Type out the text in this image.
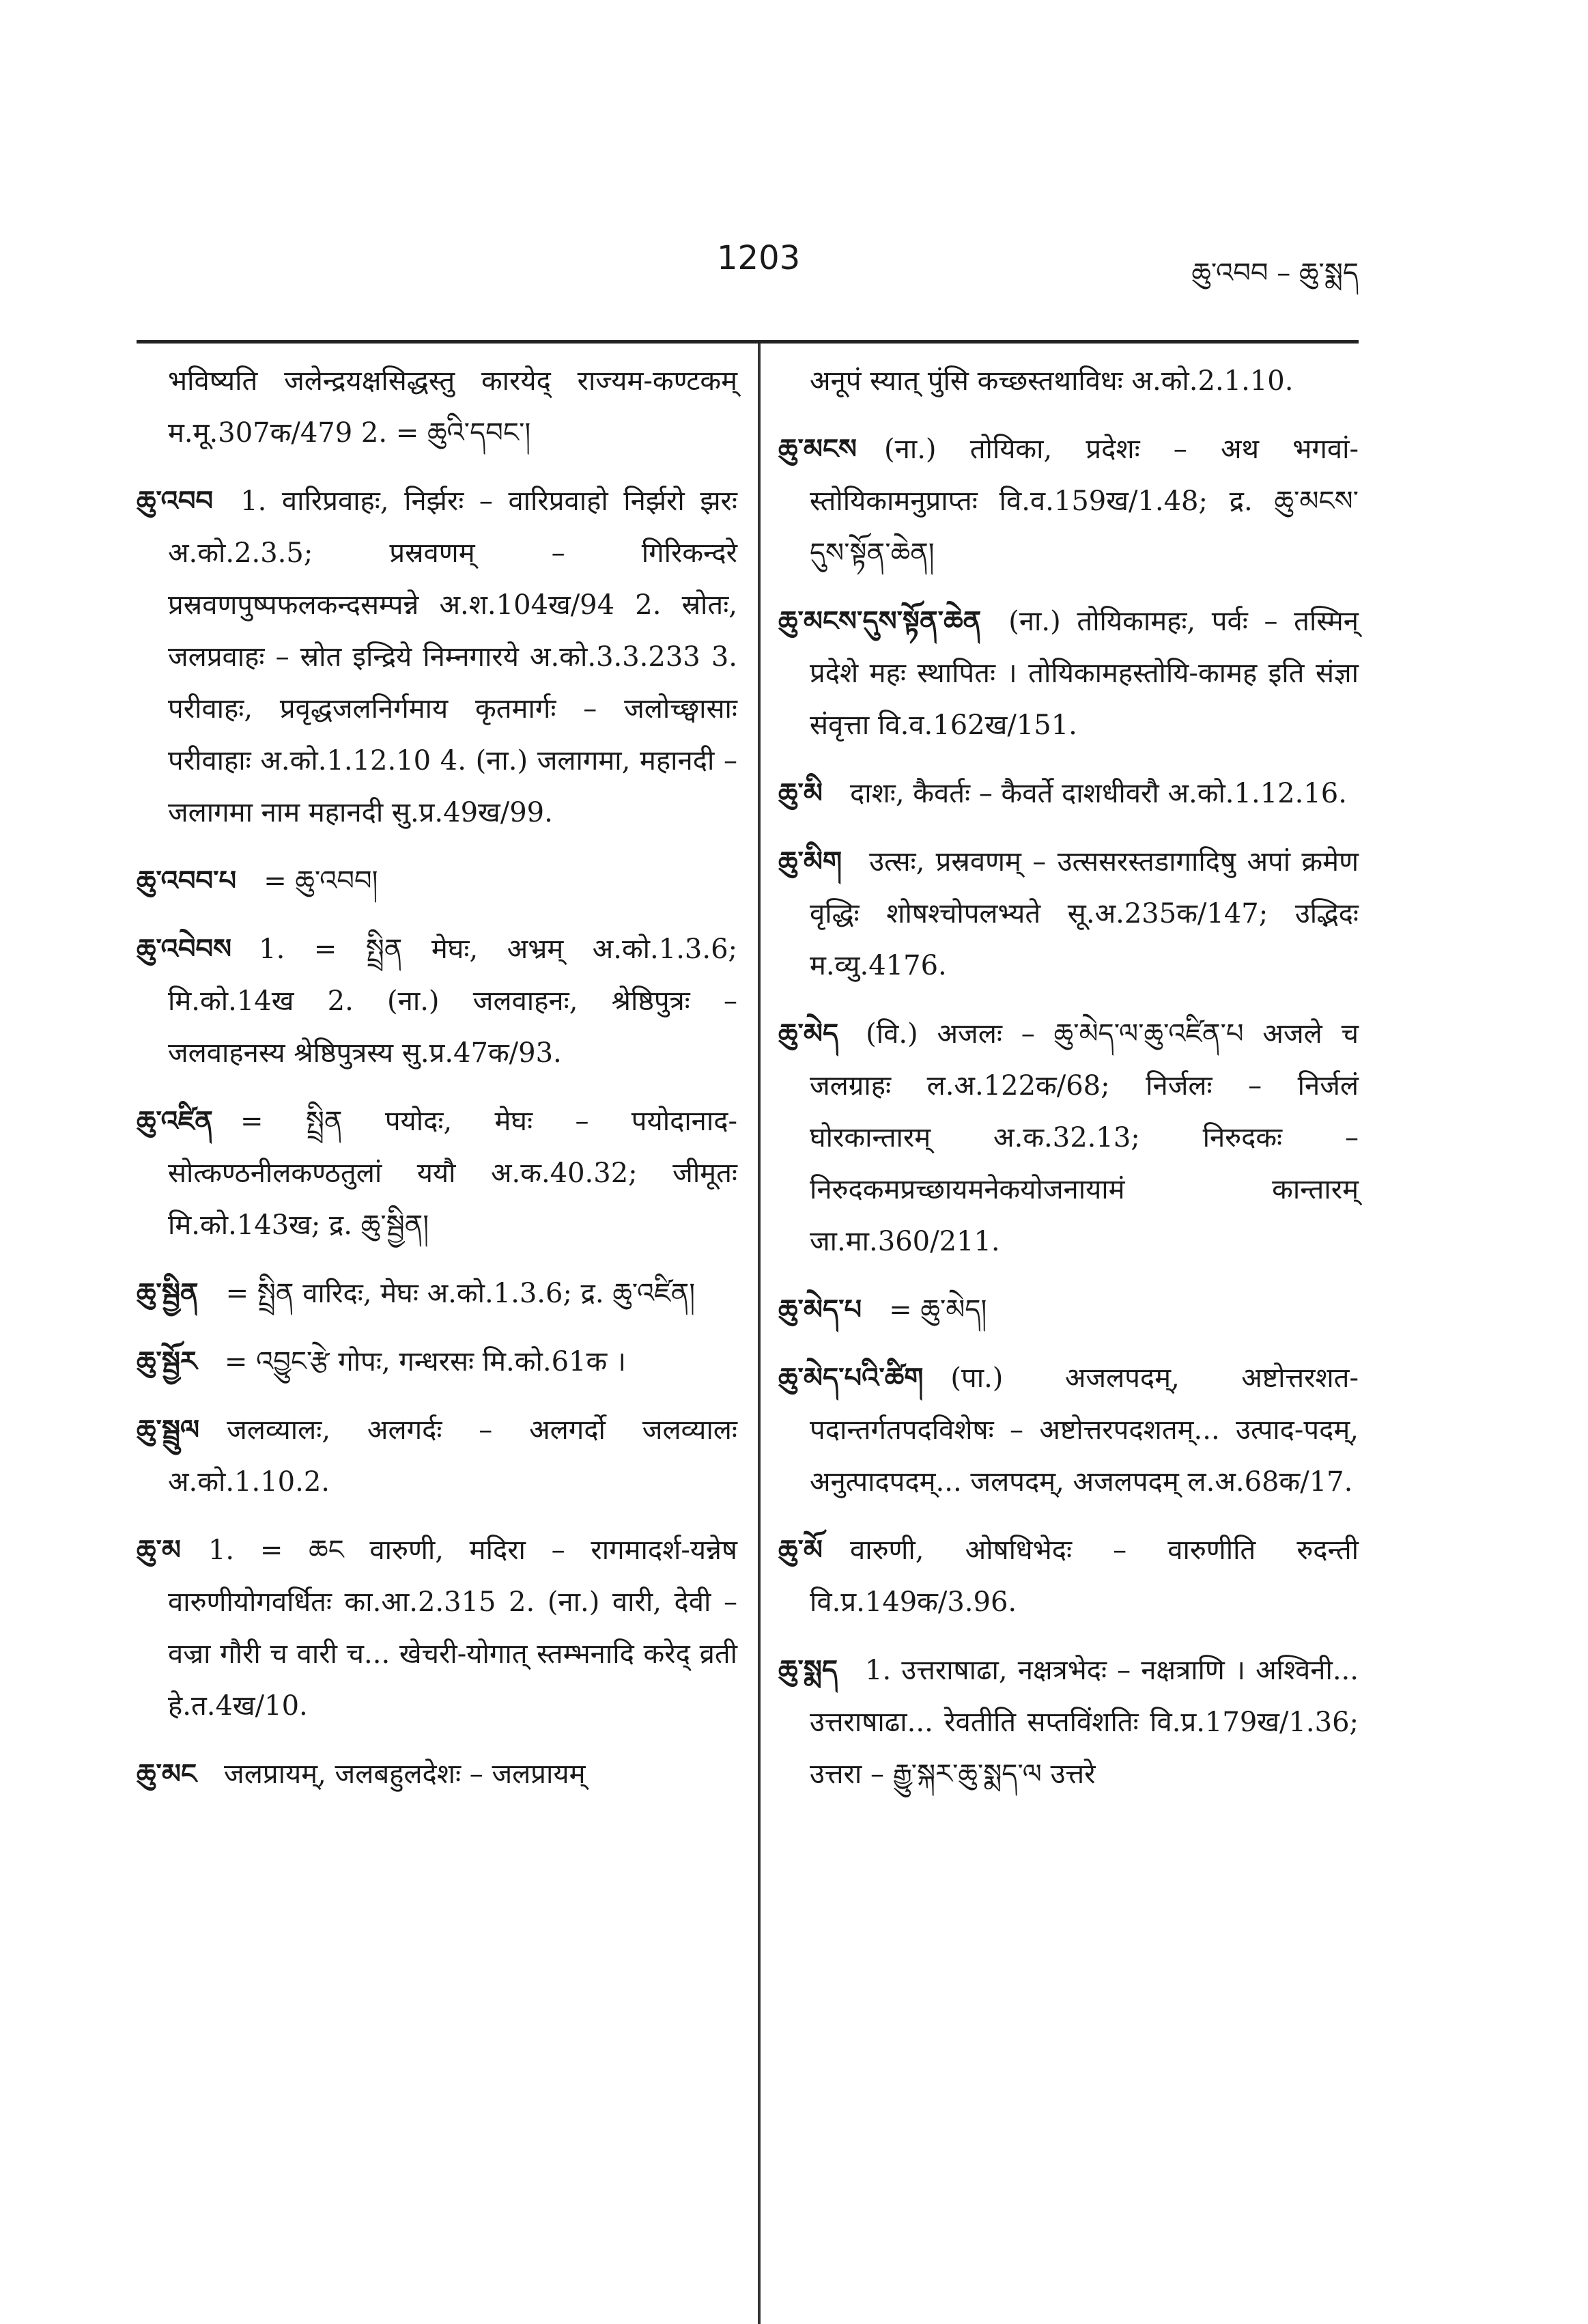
1203	ཆུ་འབབ – ཆུ་སྨད

भविष्यति जलेन्द्रयक्षसिद्धस्तु कारयेद् राज्यम-कण्टकम् म.मू.307क/479 2. = ཆུའི་དབང་།

ཆུ་འབབ 1. वारिप्रवाहः, निर्झरः – वारिप्रवाहो निर्झरो झरः अ.को.2.3.5; प्रस्रवणम् – गिरिकन्दरे प्रस्रवणपुष्पफलकन्दसम्पन्ने अ.श.104ख/94 2. स्रोतः, जलप्रवाहः – स्रोत इन्द्रिये निम्नगारये अ.को.3.3.233 3. परीवाहः, प्रवृद्धजलनिर्गमाय कृतमार्गः – जलोच्छ्वासाः परीवाहाः अ.को.1.12.10 4. (ना.) जलागमा, महानदी – जलागमा नाम महानदी सु.प्र.49ख/99.

ཆུ་འབབ་པ = ཆུ་འབབ།

ཆུ་འབེབས 1. = སྤྲིན मेघः, अभ्रम् अ.को.1.3.6; मि.को.14ख 2. (ना.) जलवाहनः, श्रेष्ठिपुत्रः – जलवाहनस्य श्रेष्ठिपुत्रस्य सु.प्र.47क/93.

ཆུ་འཛིན = སྤྲིན पयोदः, मेघः – पयोदानाद-सोत्कण्ठनीलकण्ठतुलां ययौ अ.क.40.32; जीमूतः मि.को.143ख; द्र. ཆུ་སྦྱིན།

ཆུ་སྦྱིན = སྤྲིན वारिदः, मेघः अ.को.1.3.6; द्र. ཆུ་འཛིན།

ཆུ་སྦྱོར = འབྱུང་རྩེ गोपः, गन्धरसः मि.को.61क ।

ཆུ་སྦྲུལ जलव्यालः, अलगर्दः – अलगर्दो जलव्यालः अ.को.1.10.2.

ཆུ་མ 1. = ཆང वारुणी, मदिरा – रागमादर्श-यन्नेष वारुणीयोगवर्धितः का.आ.2.315 2. (ना.) वारी, देवी – वज्रा गौरी च वारी च... खेचरी-योगात् स्तम्भनादि करेद् व्रती हे.त.4ख/10.

ཆུ་མང जलप्रायम्, जलबहुलदेशः – जलप्रायम्

अनूपं स्यात् पुंसि कच्छस्तथाविधः अ.को.2.1.10.

ཆུ་མངས (ना.) तोयिका, प्रदेशः – अथ भगवां-स्तोयिकामनुप्राप्तः वि.व.159ख/1.48; द्र. ཆུ་མངས་དུས་སྟོན་ཆེན།

ཆུ་མངས་དུས་སྟོན་ཆེན (ना.) तोयिकामहः, पर्वः – तस्मिन् प्रदेशे महः स्थापितः । तोयिकामहस्तोयि-कामह इति संज्ञा संवृत्ता वि.व.162ख/151.

ཆུ་མི दाशः, कैवर्तः – कैवर्ते दाशधीवरौ अ.को.1.12.16.

ཆུ་མིག उत्सः, प्रस्रवणम् – उत्ससरस्तडागादिषु अपां क्रमेण वृद्धिः शोषश्चोपलभ्यते सू.अ.235क/147; उद्भिदः म.व्यु.4176.

ཆུ་མེད (वि.) अजलः – ཆུ་མེད་ལ་ཆུ་འཛིན་པ अजले च जलग्राहः ल.अ.122क/68; निर्जलः – निर्जलं घोरकान्तारम् अ.क.32.13; निरुदकः – निरुदकमप्रच्छायमनेकयोजनायामं कान्तारम् जा.मा.360/211.

ཆུ་མེད་པ = ཆུ་མེད།

ཆུ་མེད་པའི་ཚིག (पा.) अजलपदम्, अष्टोत्तरशत-पदान्तर्गतपदविशेषः – अष्टोत्तरपदशतम्... उत्पाद-पदम्, अनुत्पादपदम्... जलपदम्, अजलपदम् ल.अ.68क/17.

ཆུ་མོ वारुणी, ओषधिभेदः – वारुणीति रुदन्ती वि.प्र.149क/3.96.

ཆུ་སྨད 1. उत्तराषाढा, नक्षत्रभेदः – नक्षत्राणि । अश्विनी... उत्तराषाढा... रेवतीति सप्तविंशतिः वि.प्र.179ख/1.36; उत्तरा – རྒྱུ་སྐར་ཆུ་སྨད་ལ उत्तरे
